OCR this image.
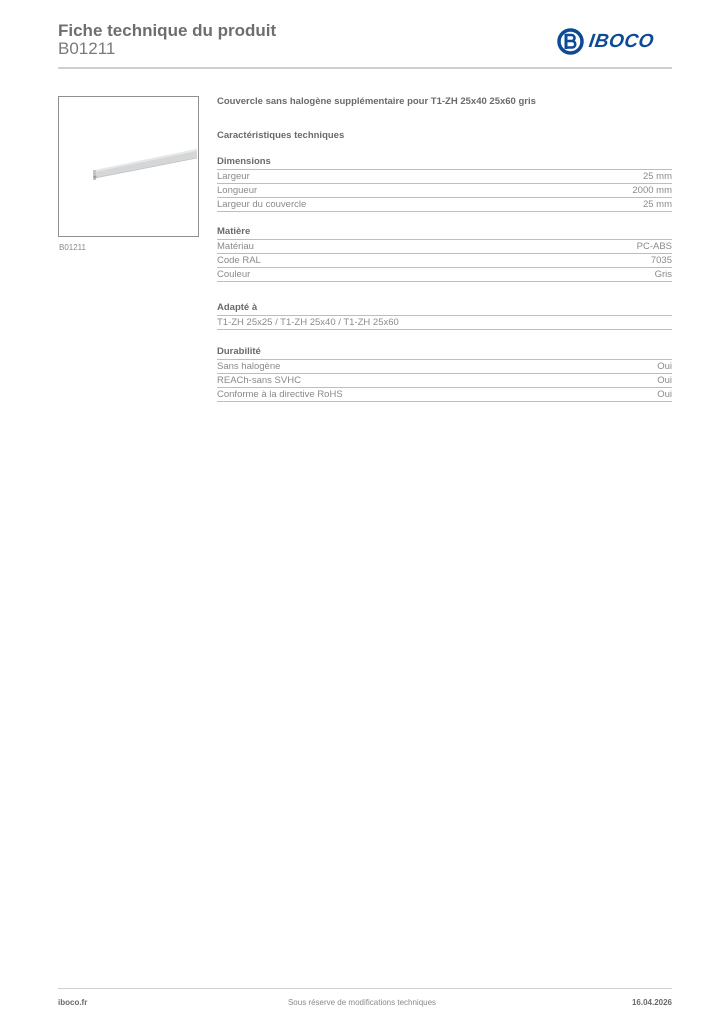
Fiche technique du produit
B01211	IBOCO
B01211
Couvercle sans halogène supplémentaire pour T1-ZH 25x40 25x60 gris
Caractéristiques techniques
Dimensions
Largeur	25 mm
Longueur	2000 mm
Largeur du couvercle	25 mm
Matière
Matériau	PC-ABS
Code RAL	7035
Couleur	Gris
Adapté à
T1-ZH 25x25 / T1-ZH 25x40 / T1-ZH 25x60
Durabilité
Sans halogène	Oui
REACh-sans SVHC	Oui
Conforme à la directive RoHS	Oui
iboco.fr	Sous réserve de modifications techniques	16.04.2026
